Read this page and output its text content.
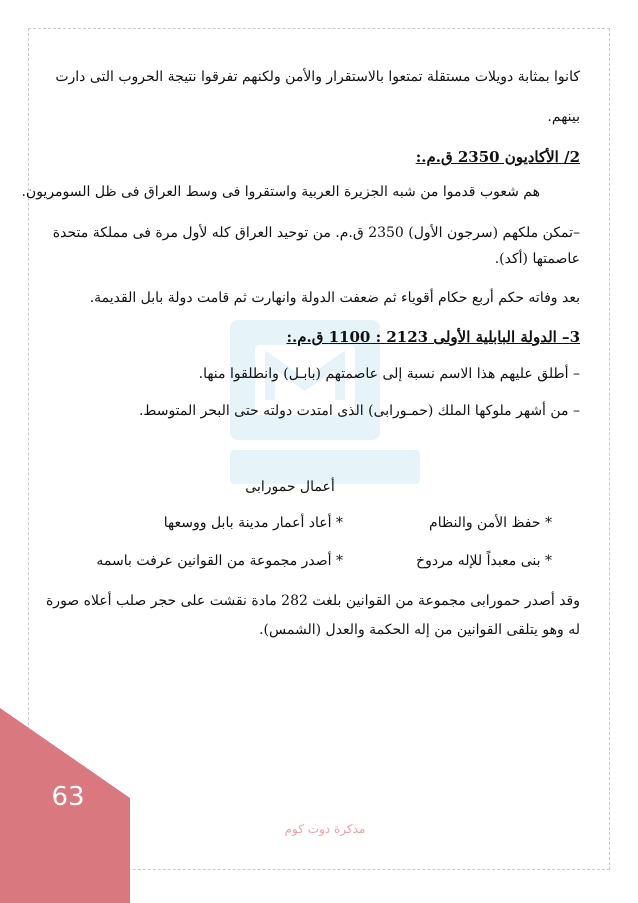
كانوا بمثابة دويلات مستقلة تمتعوا بالاستقرار والأمن ولكنهم تفرقوا نتيجة الحروب التى دارت
بينهم.
2/ الأكاديون 2350 ق.م.:
هم شعوب قدموا من شبه الجزيرة العربية واستقروا فى وسط العراق فى ظل السومريون.
–تمكن ملكهم (سرجون الأول) 2350 ق.م. من توحيد العراق كله لأول مرة فى مملكة متحدة
عاصمتها (أكد).
بعد وفاته حكم أربع حكام أقوياء ثم ضعفت الدولة وانهارت ثم قامت دولة بابل القديمة.
3– الدولة البابلية الأولى 2123 : 1100 ق.م.:
– أطلق عليهم هذا الاسم نسبة إلى عاصمتهم (بابـل) وانطلقوا منها.
– من أشهر ملوكها الملك (حمـورابى) الذى امتدت دولته حتى البحر المتوسط.
أعمال حمورابى
* حفظ الأمن والنظام
* أعاد أعمار مدينة بابل ووسعها
* بنى معبداً للإله مردوخ
* أصدر مجموعة من القوانين عرفت باسمه
وقد أصدر حمورابى مجموعة من القوانين بلغت 282 مادة نقشت على حجر صلب أعلاه صورة
له وهو يتلقى القوانين من إله الحكمة والعدل (الشمس).
63
مذكرة دوت كوم
